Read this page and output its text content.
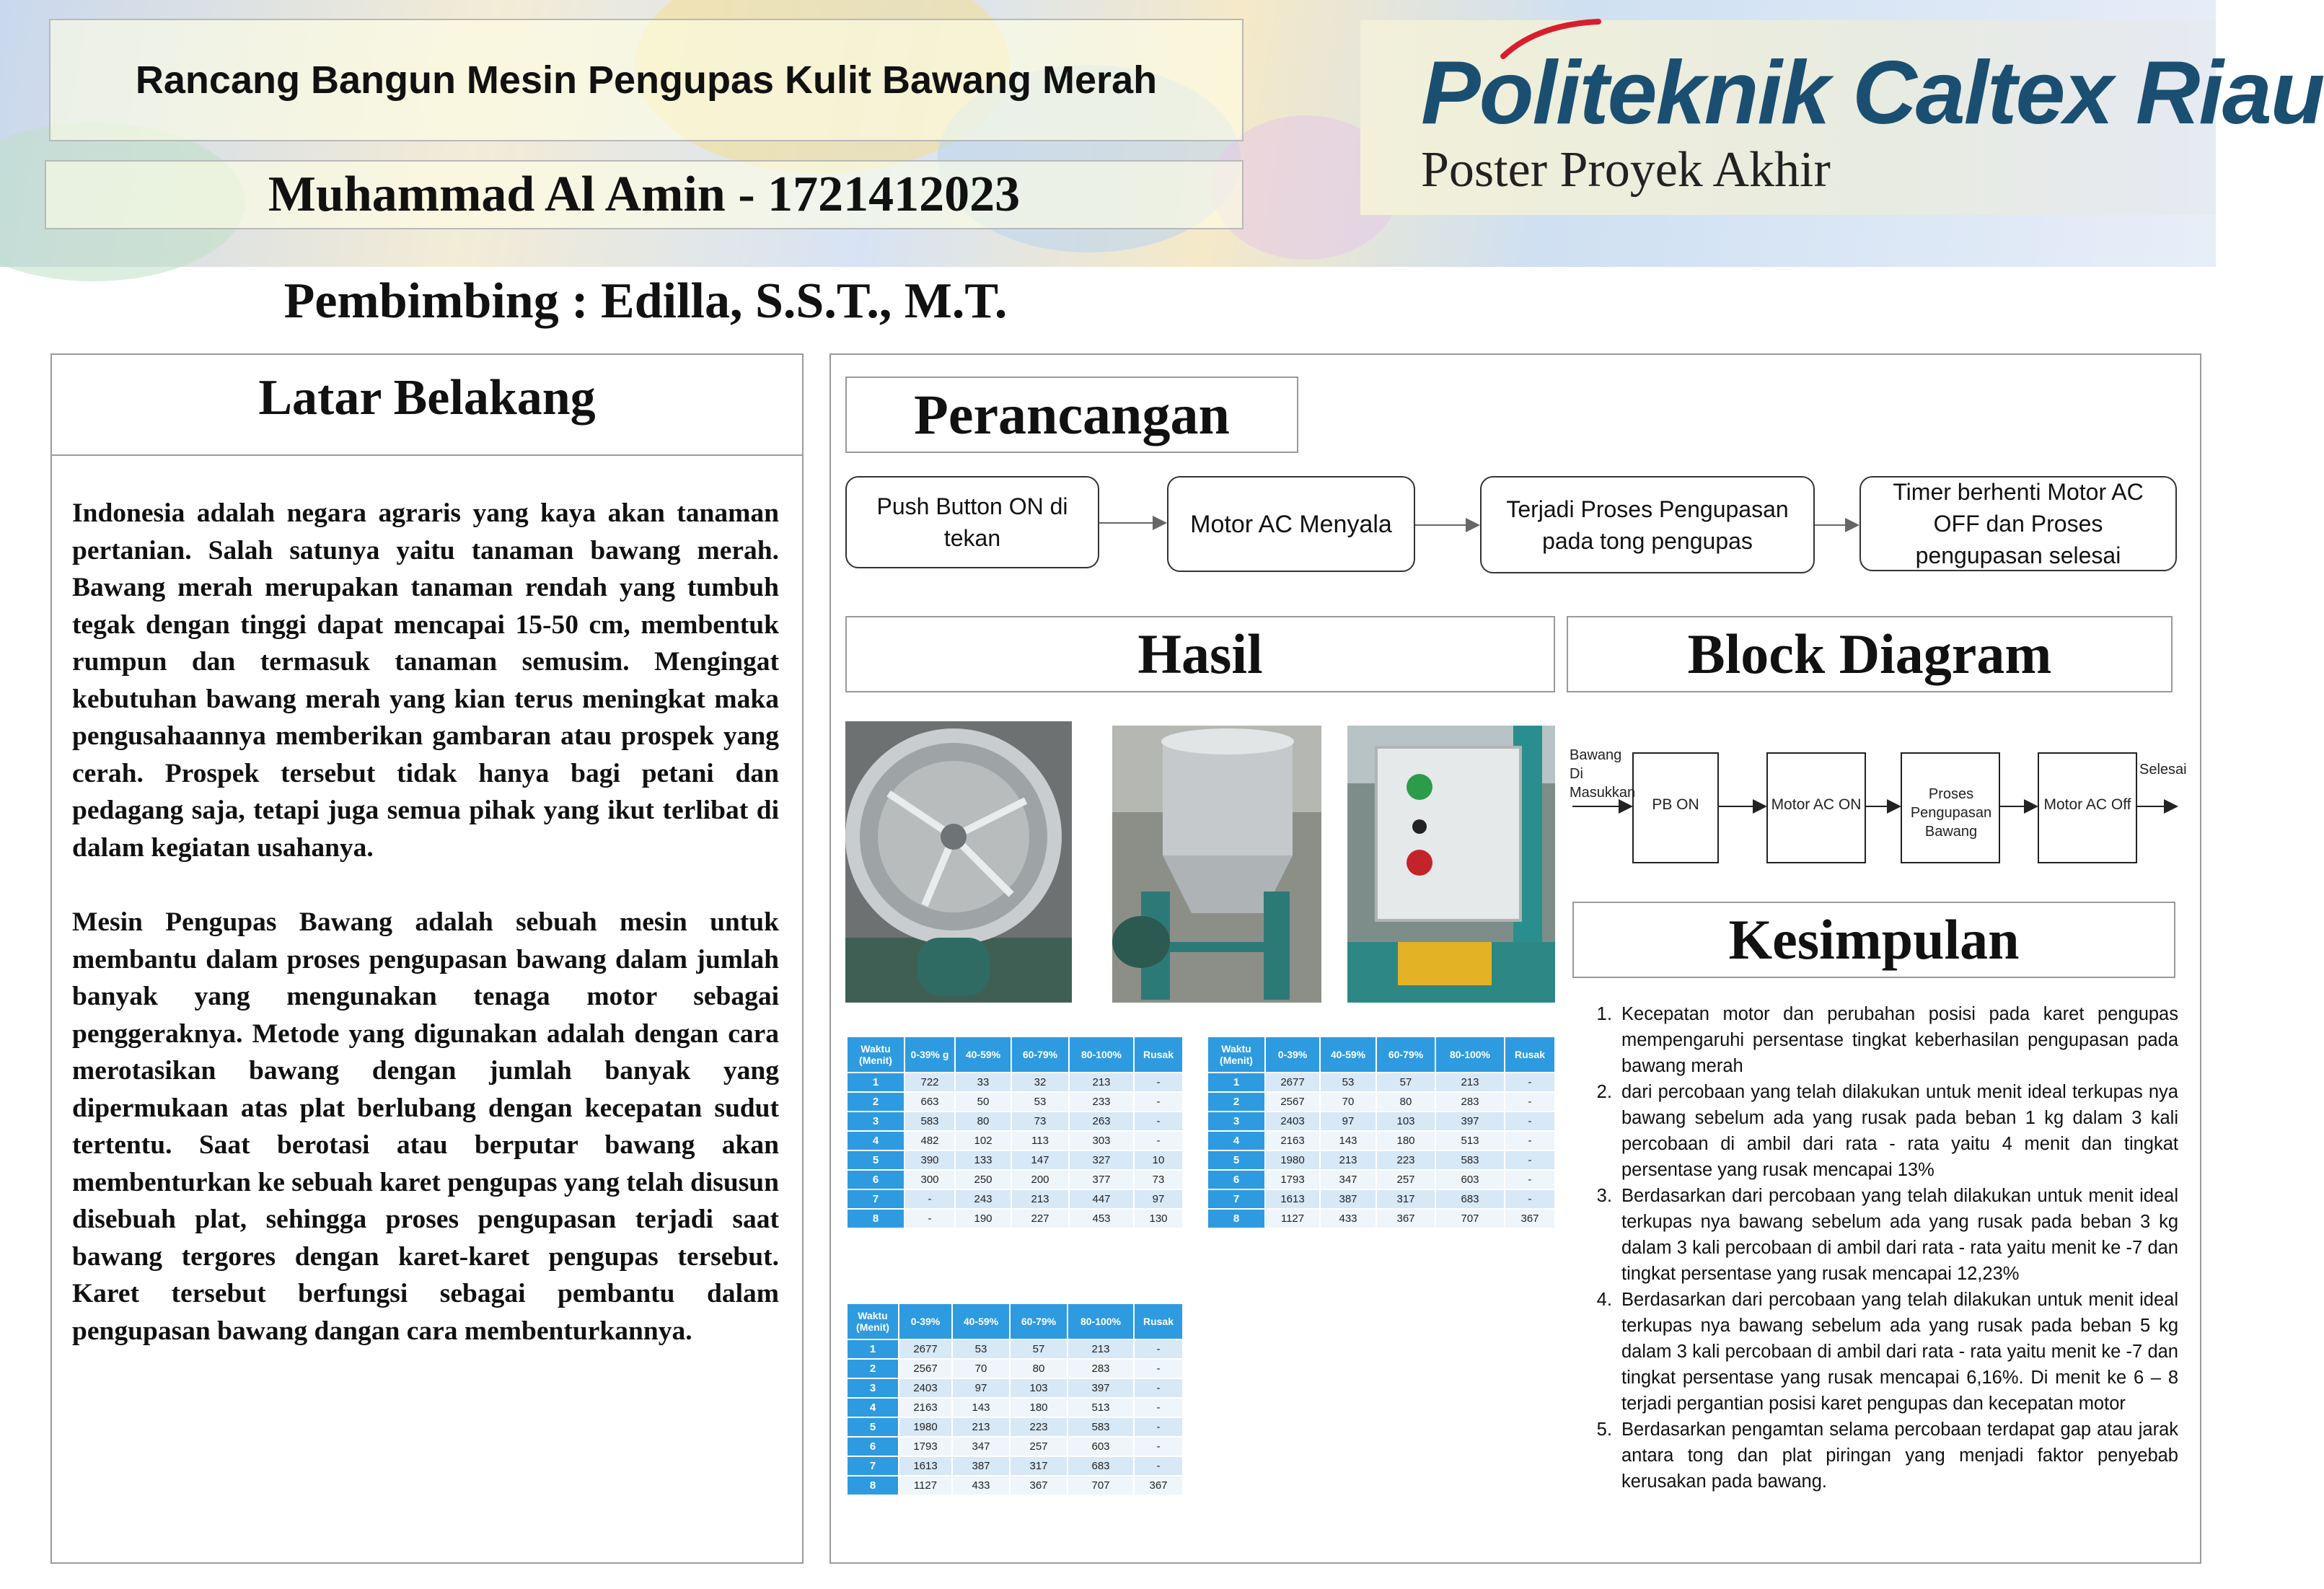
Rancang Bangun Mesin Pengupas Kulit Bawang Merah
Muhammad Al Amin - 1721412023
Pembimbing : Edilla, S.S.T., M.T.
Politeknik Caltex Riau
Poster Proyek Akhir
Latar Belakang

Indonesia adalah negara agraris yang kaya akan tanaman pertanian. Salah satunya yaitu tanaman bawang merah. Bawang merah merupakan tanaman rendah yang tumbuh tegak dengan tinggi dapat mencapai 15-50 cm, membentuk rumpun dan termasuk tanaman semusim. Mengingat kebutuhan bawang merah yang kian terus meningkat maka pengusahaannya memberikan gambaran atau prospek yang cerah. Prospek tersebut tidak hanya bagi petani dan pedagang saja, tetapi juga semua pihak yang ikut terlibat di dalam kegiatan usahanya.

Mesin Pengupas Bawang adalah sebuah mesin untuk membantu dalam proses pengupasan bawang dalam jumlah banyak yang mengunakan tenaga motor sebagai penggeraknya. Metode yang digunakan adalah dengan cara merotasikan bawang dengan jumlah banyak yang dipermukaan atas plat berlubang dengan kecepatan sudut tertentu. Saat berotasi atau berputar bawang akan membenturkan ke sebuah karet pengupas yang telah disusun disebuah plat, sehingga proses pengupasan terjadi saat bawang tergores dengan karet-karet pengupas tersebut. Karet tersebut berfungsi sebagai pembantu dalam pengupasan bawang dangan cara membenturkannya.

Perancangan
Push Button ON di tekan
Motor AC Menyala
Terjadi Proses Pengupasan pada tong pengupas
Timer berhenti Motor AC OFF dan Proses pengupasan selesai
Hasil	Block Diagram
Waktu (Menit)	0-39% g	40-59%	60-79%	80-100%	Rusak
1	722	33	32	213	-
2	663	50	53	233	-
3	583	80	73	263	-
4	482	102	113	303	-
5	390	133	147	327	10
6	300	250	200	377	73
7	-	243	213	447	97
8	-	190	227	453	130
Waktu (Menit)	0-39%	40-59%	60-79%	80-100%	Rusak
1	2677	53	57	213	-
2	2567	70	80	283	-
3	2403	97	103	397	-
4	2163	143	180	513	-
5	1980	213	223	583	-
6	1793	347	257	603	-
7	1613	387	317	683	-
8	1127	433	367	707	367
Waktu (Menit)	0-39%	40-59%	60-79%	80-100%	Rusak
1	2677	53	57	213	-
2	2567	70	80	283	-
3	2403	97	103	397	-
4	2163	143	180	513	-
5	1980	213	223	583	-
6	1793	347	257	603	-
7	1613	387	317	683	-
8	1127	433	367	707	367
Bawang Di Masukkan
Selesai
PB ON	Motor AC ON
Proses Pengupasan Bawang
Motor AC Off
Kesimpulan
1. Kecepatan motor dan perubahan posisi pada karet pengupas mempengaruhi persentase tingkat keberhasilan pengupasan pada bawang merah
2. dari percobaan yang telah dilakukan untuk menit ideal terkupas nya bawang sebelum ada yang rusak pada beban 1 kg dalam 3 kali percobaan di ambil dari rata - rata yaitu 4 menit dan tingkat persentase yang rusak mencapai 13%
3. Berdasarkan dari percobaan yang telah dilakukan untuk menit ideal terkupas nya bawang sebelum ada yang rusak pada beban 3 kg dalam 3 kali percobaan di ambil dari rata - rata yaitu menit ke -7 dan tingkat persentase yang rusak mencapai 12,23%
4. Berdasarkan dari percobaan yang telah dilakukan untuk menit ideal terkupas nya bawang sebelum ada yang rusak pada beban 5 kg dalam 3 kali percobaan di ambil dari rata - rata yaitu menit ke -7 dan tingkat persentase yang rusak mencapai 6,16%. Di menit ke 6 – 8 terjadi pergantian posisi karet pengupas dan kecepatan motor
5. Berdasarkan pengamtan selama percobaan terdapat gap atau jarak antara tong dan plat piringan yang menjadi faktor penyebab kerusakan pada bawang.
